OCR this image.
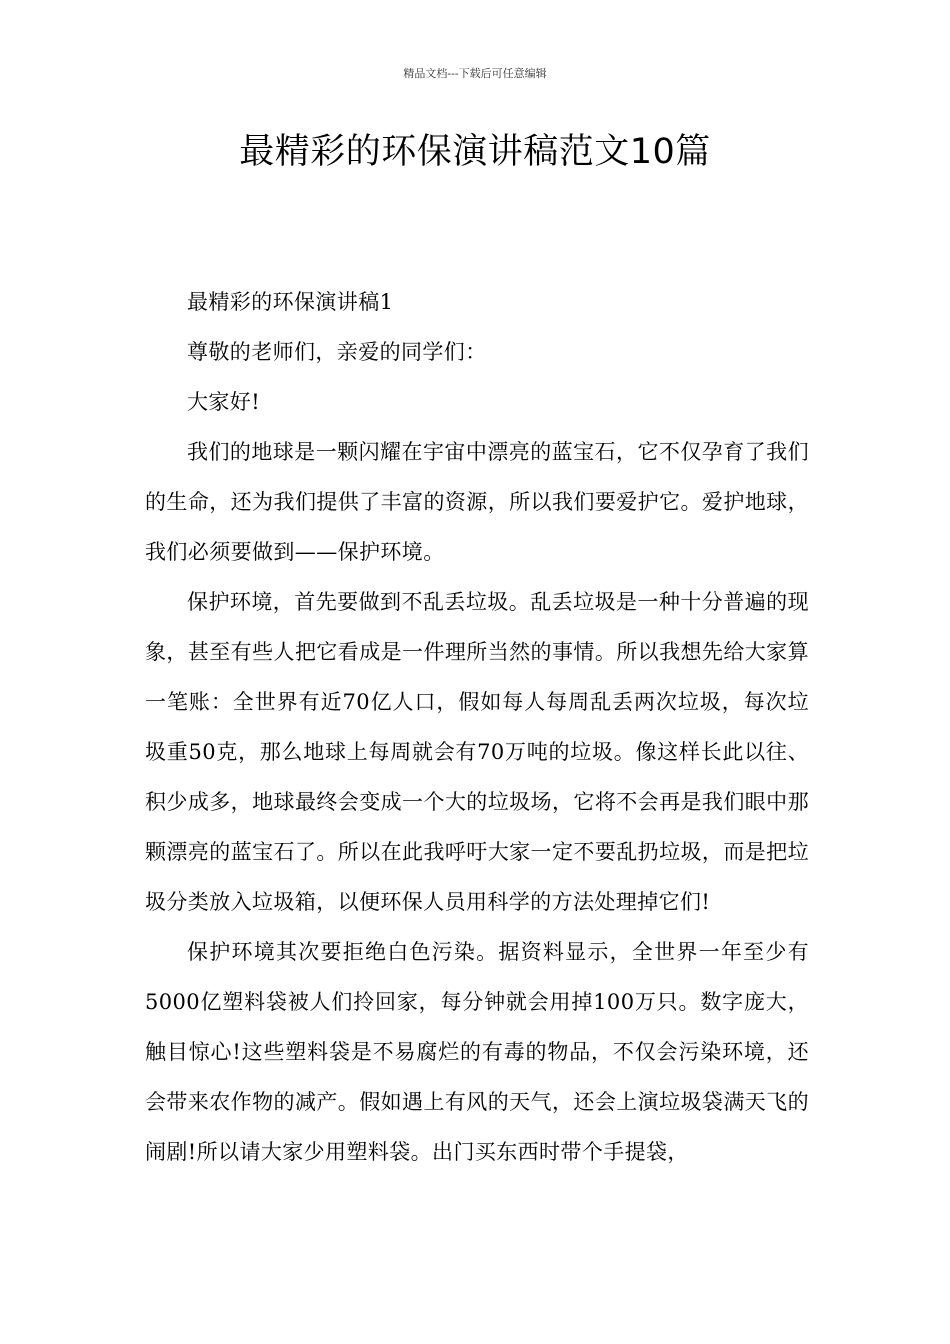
精品文档---下载后可任意编辑
最精彩的环保演讲稿范文10篇

最精彩的环保演讲稿1

尊敬的老师们，亲爱的同学们：

大家好!

我们的地球是一颗闪耀在宇宙中漂亮的蓝宝石，它不仅孕育了我们的生命，还为我们提供了丰富的资源，所以我们要爱护它。爱护地球，我们必须要做到——保护环境。

保护环境，首先要做到不乱丢垃圾。乱丢垃圾是一种十分普遍的现象，甚至有些人把它看成是一件理所当然的事情。所以我想先给大家算一笔账：全世界有近70亿人口，假如每人每周乱丢两次垃圾，每次垃圾重50克，那么地球上每周就会有70万吨的垃圾。像这样长此以往、积少成多，地球最终会变成一个大的垃圾场，它将不会再是我们眼中那颗漂亮的蓝宝石了。所以在此我呼吁大家一定不要乱扔垃圾，而是把垃圾分类放入垃圾箱，以便环保人员用科学的方法处理掉它们!

保护环境其次要拒绝白色污染。据资料显示，全世界一年至少有5000亿塑料袋被人们拎回家，每分钟就会用掉100万只。数字庞大，触目惊心!这些塑料袋是不易腐烂的有毒的物品，不仅会污染环境，还会带来农作物的减产。假如遇上有风的天气，还会上演垃圾袋满天飞的闹剧!所以请大家少用塑料袋。出门买东西时带个手提袋，
